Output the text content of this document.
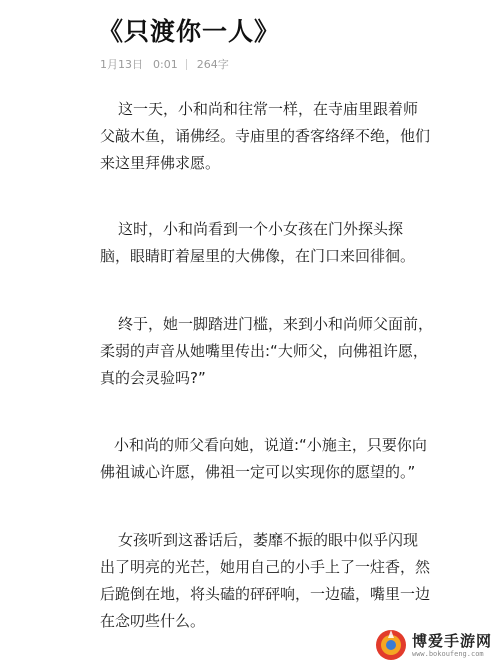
《只渡你一人》
1月13日 0:01 264字

这一天，小和尚和往常一样，在寺庙里跟着师
父敲木鱼，诵佛经。寺庙里的香客络绎不绝，他们
来这里拜佛求愿。

这时，小和尚看到一个小女孩在门外探头探
脑，眼睛盯着屋里的大佛像，在门口来回徘徊。

终于，她一脚踏进门槛，来到小和尚师父面前，
柔弱的声音从她嘴里传出:“大师父，向佛祖许愿，
真的会灵验吗?”

小和尚的师父看向她，说道:“小施主，只要你向
佛祖诚心许愿，佛祖一定可以实现你的愿望的。”

女孩听到这番话后，萎靡不振的眼中似乎闪现
出了明亮的光芒，她用自己的小手上了一炷香，然
后跪倒在地，将头磕的砰砰响，一边磕，嘴里一边
在念叨些什么。

博爱手游网
www.bokoufeng.com
